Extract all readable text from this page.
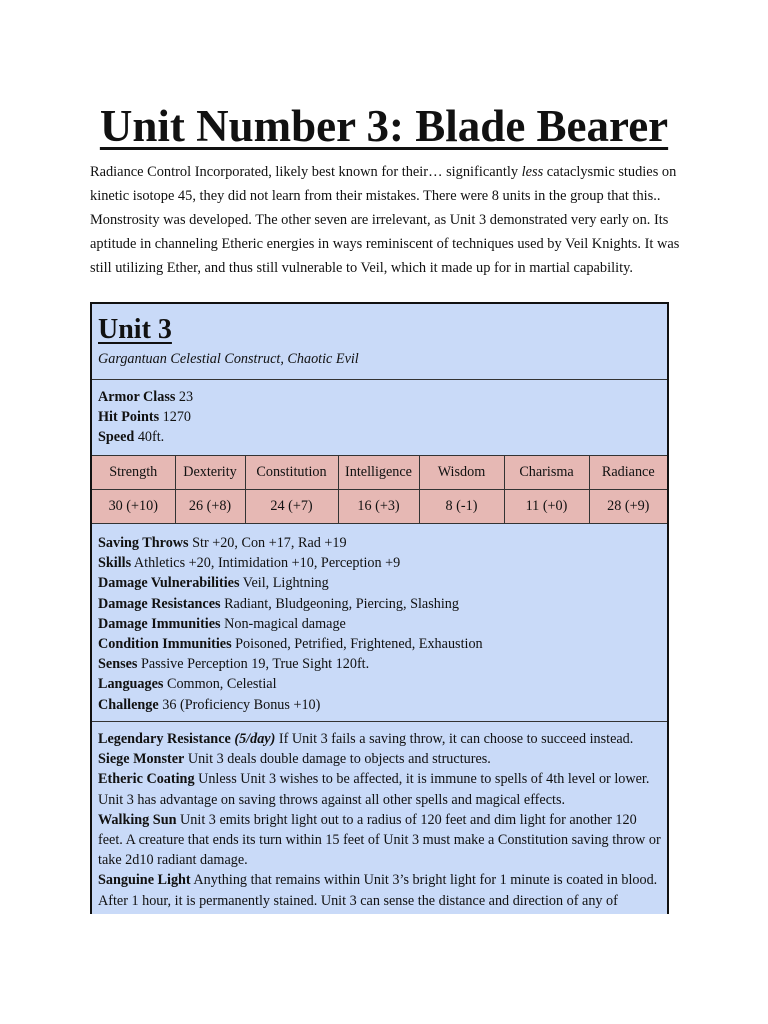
Unit Number 3: Blade Bearer

Radiance Control Incorporated, likely best known for their… significantly less cataclysmic studies on kinetic isotope 45, they did not learn from their mistakes. There were 8 units in the group that this.. Monstrosity was developed. The other seven are irrelevant, as Unit 3 demonstrated very early on. Its aptitude in channeling Etheric energies in ways reminiscent of techniques used by Veil Knights. It was still utilizing Ether, and thus still vulnerable to Veil, which it made up for in martial capability.

Unit 3
Gargantuan Celestial Construct, Chaotic Evil
Armor Class 23
Hit Points 1270
Speed 40ft.
Strength	Dexterity	Constitution	Intelligence	Wisdom	Charisma	Radiance
30 (+10)	26 (+8)	24 (+7)	16 (+3)	8 (-1)	11 (+0)	28 (+9)
Saving Throws Str +20, Con +17, Rad +19
Skills Athletics +20, Intimidation +10, Perception +9
Damage Vulnerabilities Veil, Lightning
Damage Resistances Radiant, Bludgeoning, Piercing, Slashing
Damage Immunities Non-magical damage
Condition Immunities Poisoned, Petrified, Frightened, Exhaustion
Senses Passive Perception 19, True Sight 120ft.
Languages Common, Celestial
Challenge 36 (Proficiency Bonus +10)
Legendary Resistance (5/day) If Unit 3 fails a saving throw, it can choose to succeed instead.
Siege Monster Unit 3 deals double damage to objects and structures.
Etheric Coating Unless Unit 3 wishes to be affected, it is immune to spells of 4th level or lower. Unit 3 has advantage on saving throws against all other spells and magical effects.
Walking Sun Unit 3 emits bright light out to a radius of 120 feet and dim light for another 120 feet. A creature that ends its turn within 15 feet of Unit 3 must make a Constitution saving throw or take 2d10 radiant damage.
Sanguine Light Anything that remains within Unit 3’s bright light for 1 minute is coated in blood. After 1 hour, it is permanently stained. Unit 3 can sense the distance and direction of any of
